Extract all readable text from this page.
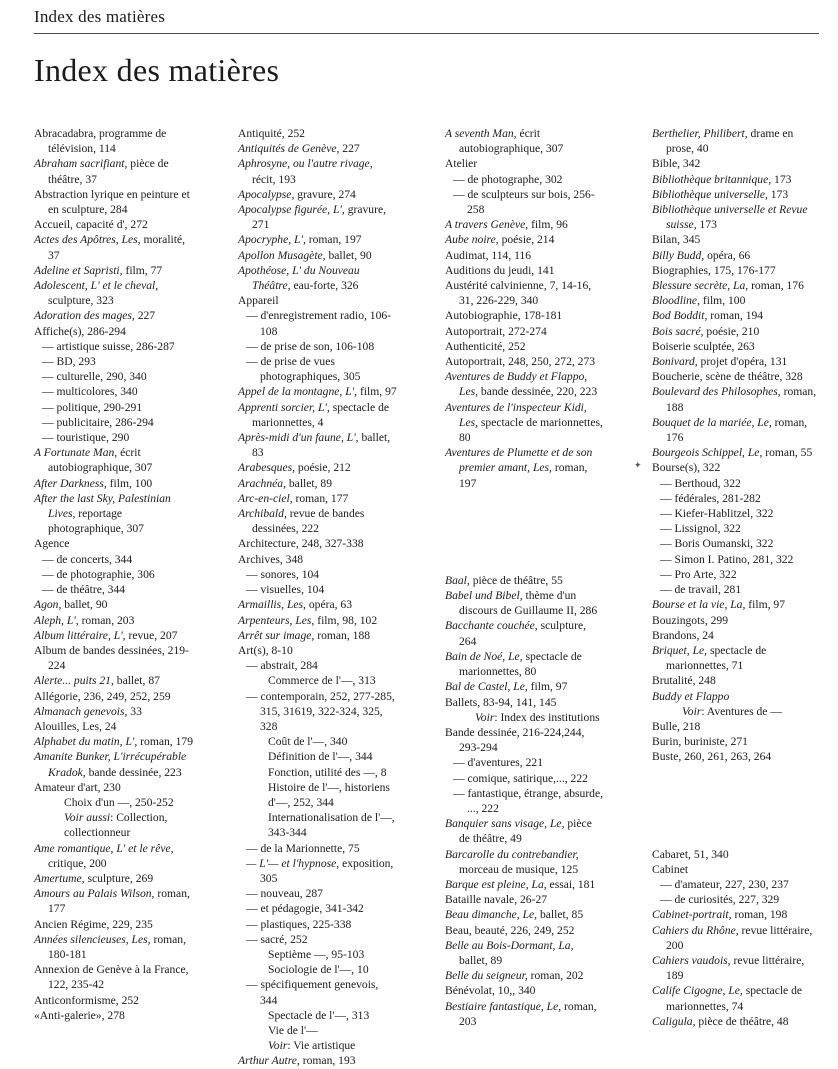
Index des matières
Index des matières
Abracadabra, programme de télévision, 114
Abraham sacrifiant, pièce de théâtre, 37
Abstraction lyrique en peinture et en sculpture, 284
Accueil, capacité d', 272
Actes des Apôtres, Les, moralité, 37
Adeline et Sapristi, film, 77
Adolescent, L' et le cheval, sculpture, 323
Adoration des mages, 227
Affiche(s), 286-294
— artistique suisse, 286-287
— BD, 293
— culturelle, 290, 340
— multicolores, 340
— politique, 290-291
— publicitaire, 286-294
— touristique, 290
A Fortunate Man, écrit autobiographique, 307
After Darkness, film, 100
After the last Sky, Palestinian Lives, reportage photographique, 307
Agence
— de concerts, 344
— de photographie, 306
— de théâtre, 344
Agon, ballet, 90
Aleph, L', roman, 203
Album littéraire, L', revue, 207
Album de bandes dessinées, 219-224
Alerte... puits 21, ballet, 87
Allégorie, 236, 249, 252, 259
Almanach genevois, 33
Alouilles, Les, 24
Alphabet du matin, L', roman, 179
Amanite Bunker, L'irrécupérable Kradok, bande dessinée, 223
Amateur d'art, 230
Choix d'un —, 250-252
Voir aussi: Collection, collectionneur
Ame romantique, L' et le rêve, critique, 200
Amertume, sculpture, 269
Amours au Palais Wilson, roman, 177
Ancien Régime, 229, 235
Années silencieuses, Les, roman, 180-181
Annexion de Genève à la France, 122, 235-42
Anticonformisme, 252
«Anti-galerie», 278
Antiquité, 252
Antiquités de Genève, 227
Aphrosyne, ou l'autre rivage, récit, 193
Apocalypse, gravure, 274
Apocalypse figurée, L', gravure, 271
Apocryphe, L', roman, 197
Apollon Musagète, ballet, 90
Apothéose, L' du Nouveau Théâtre, eau-forte, 326
Appareil
— d'enregistrement radio, 106-108
— de prise de son, 106-108
— de prise de vues photographiques, 305
Appel de la montagne, L', film, 97
Apprenti sorcier, L', spectacle de marionnettes, 4
Après-midi d'un faune, L', ballet, 83
Arabesques, poésie, 212
Arachnéa, ballet, 89
Arc-en-ciel, roman, 177
Archibald, revue de bandes dessinées, 222
Architecture, 248, 327-338
Archives, 348
— sonores, 104
— visuelles, 104
Armaillis, Les, opéra, 63
Arpenteurs, Les, film, 98, 102
Arrêt sur image, roman, 188
Art(s), 8-10
— abstrait, 284
Commerce de l'—, 313
— contemporain, 252, 277-285, 315, 31619, 322-324, 325, 328
Coût de l'—, 340
Définition de l'—, 344
Fonction, utilité des —, 8
Histoire de l'—, historiens d'—, 252, 344
Internationalisation de l'—, 343-344
— de la Marionnette, 75
— L'— et l'hypnose, exposition, 305
— nouveau, 287
— et pédagogie, 341-342
— plastiques, 225-338
— sacré, 252
Septième —, 95-103
Sociologie de l'—, 10
— spécifiquement genevois, 344
Spectacle de l'—, 313
Vie de l'—
Voir: Vie artistique
Arthur Autre, roman, 193
A seventh Man, écrit autobiographique, 307
Atelier
— de photographe, 302
— de sculpteurs sur bois, 256-258
A travers Genève, film, 96
Aube noire, poésie, 214
Audimat, 114, 116
Auditions du jeudi, 141
Austérité calvinienne, 7, 14-16, 31, 226-229, 340
Autobiographie, 178-181
Autoportrait, 272-274
Authenticité, 252
Autoportrait, 248, 250, 272, 273
Aventures de Buddy et Flappo, Les, bande dessinée, 220, 223
Aventures de l'inspecteur Kidi, Les, spectacle de marionnettes, 80
Aventures de Plumette et de son premier amant, Les, roman, 197
Baal, pièce de théâtre, 55
Babel und Bibel, thème d'un discours de Guillaume II, 286
Bacchante couchée, sculpture, 264
Bain de Noé, Le, spectacle de marionnettes, 80
Bal de Castel, Le, film, 97
Ballets, 83-94, 141, 145
Voir: Index des institutions
Bande dessinée, 216-224,244, 293-294
— d'aventures, 221
— comique, satirique,..., 222
— fantastique, étrange, absurde, ..., 222
Banquier sans visage, Le, pièce de théâtre, 49
Barcarolle du contrebandier, morceau de musique, 125
Barque est pleine, La, essai, 181
Bataille navale, 26-27
Beau dimanche, Le, ballet, 85
Beau, beauté, 226, 249, 252
Belle au Bois-Dormant, La, ballet, 89
Belle du seigneur, roman, 202
Bénévolat, 10,, 340
Bestiaire fantastique, Le, roman, 203
Berthelier, Philibert, drame en prose, 40
Bible, 342
Bibliothèque britannique, 173
Bibliothèque universelle, 173
Bibliothèque universelle et Revue suisse, 173
Bilan, 345
Billy Budd, opéra, 66
Biographies, 175, 176-177
Blessure secrète, La, roman, 176
Bloodline, film, 100
Bod Boddit, roman, 194
Bois sacré, poésie, 210
Boiserie sculptée, 263
Bonivard, projet d'opéra, 131
Boucherie, scène de théâtre, 328
Boulevard des Philosophes, roman, 188
Bouquet de la mariée, Le, roman, 176
Bourgeois Schippel, Le, roman, 55
Bourse(s), 322
— Berthoud, 322
— fédérales, 281-282
— Kiefer-Hablitzel, 322
— Lissignol, 322
— Boris Oumanski, 322
— Simon I. Patino, 281, 322
— Pro Arte, 322
— de travail, 281
Bourse et la vie, La, film, 97
Bouzingots, 299
Brandons, 24
Briquet, Le, spectacle de marionnettes, 71
Brutalité, 248
Buddy et Flappo
Voir: Aventures de —
Bulle, 218
Burin, buriniste, 271
Buste, 260, 261, 263, 264
Cabaret, 51, 340
Cabinet
— d'amateur, 227, 230, 237
— de curiosités, 227, 329
Cabinet-portrait, roman, 198
Cahiers du Rhône, revue littéraire, 200
Cahiers vaudois, revue littéraire, 189
Calife Cigogne, Le, spectacle de marionnettes, 74
Caligula, pièce de théâtre, 48
✦
